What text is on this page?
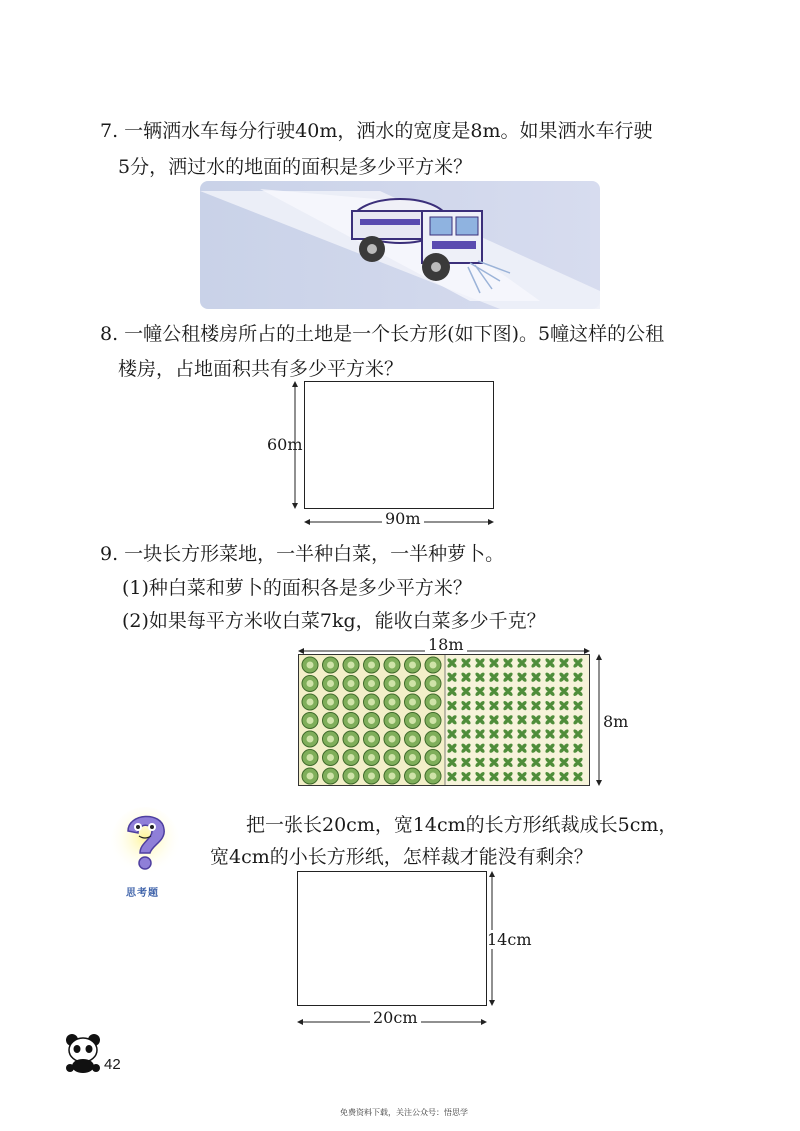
7. 一辆洒水车每分行驶40m，洒水的宽度是8m。如果洒水车行驶
5分，洒过水的地面的面积是多少平方米？
8. 一幢公租楼房所占的土地是一个长方形(如下图)。5幢这样的公租
楼房，占地面积共有多少平方米？
60m
90m
9. 一块长方形菜地，一半种白菜，一半种萝卜。
(1)种白菜和萝卜的面积各是多少平方米？
(2)如果每平方米收白菜7kg，能收白菜多少千克？
18m
8m
思考题
把一张长20cm，宽14cm的长方形纸裁成长5cm，
宽4cm的小长方形纸，怎样裁才能没有剩余？
14cm
20cm
42
免费资料下载，关注公众号：悟思学
